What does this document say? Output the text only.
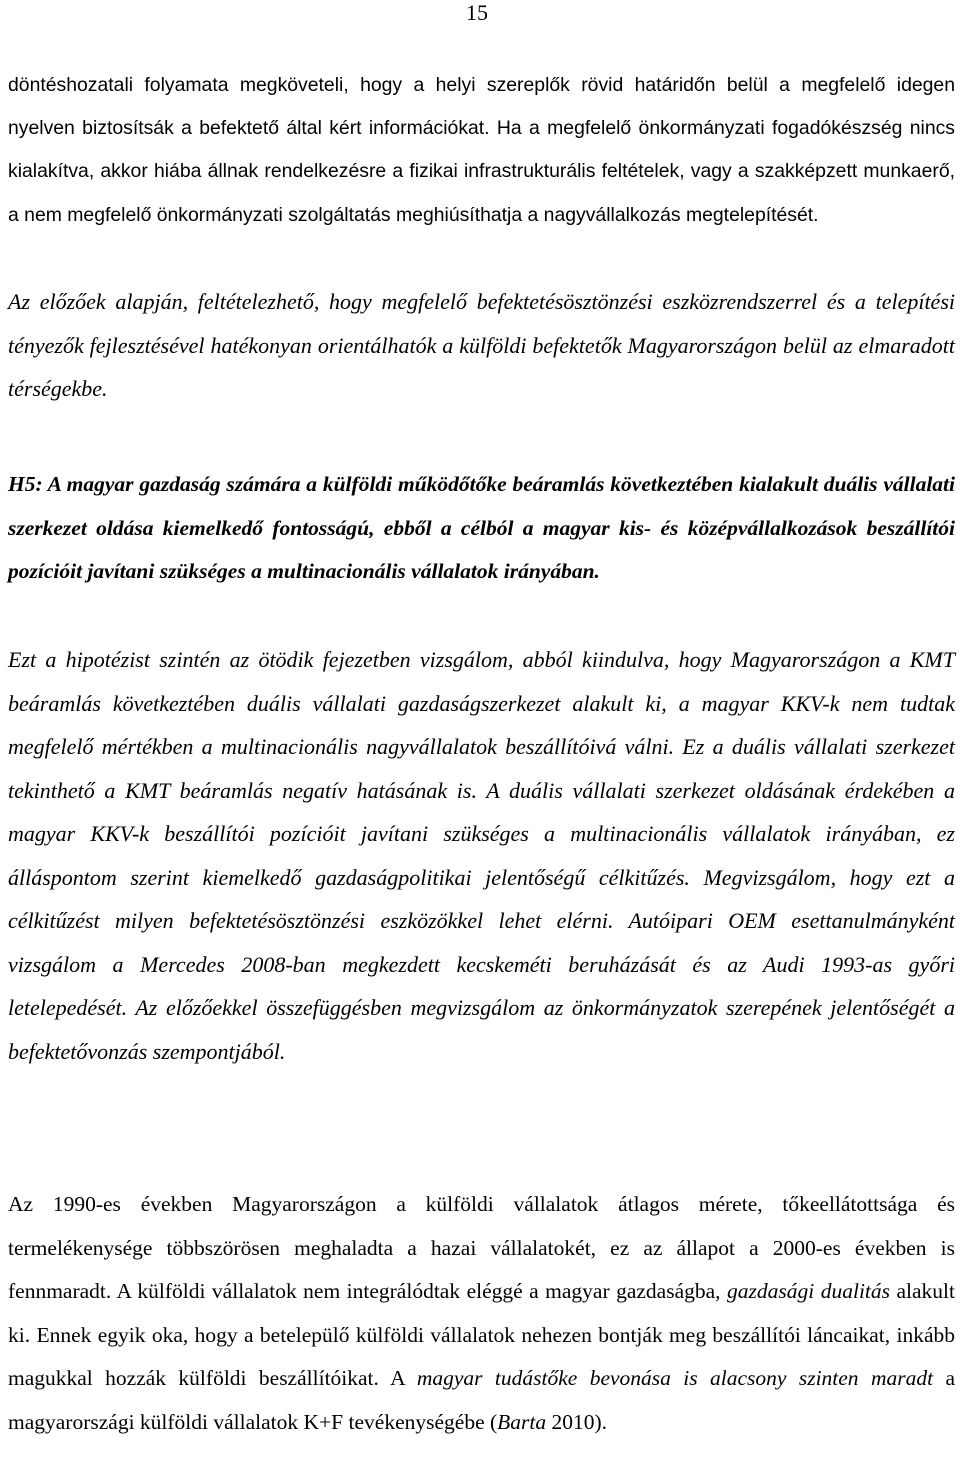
15

döntéshozatali folyamata megköveteli, hogy a helyi szereplők rövid határidőn belül a megfelelő idegen nyelven biztosítsák a befektető által kért információkat. Ha a megfelelő önkormányzati fogadókészség nincs kialakítva, akkor hiába állnak rendelkezésre a fizikai infrastrukturális feltételek, vagy a szakképzett munkaerő, a nem megfelelő önkormányzati szolgáltatás meghiúsíthatja a nagyvállalkozás megtelepítését.

Az előzőek alapján, feltételezhető, hogy megfelelő befektetésösztönzési eszközrendszerrel és a telepítési tényezők fejlesztésével hatékonyan orientálhatók a külföldi befektetők Magyarországon belül az elmaradott térségekbe.

H5: A magyar gazdaság számára a külföldi működőtőke beáramlás következtében kialakult duális vállalati szerkezet oldása kiemelkedő fontosságú, ebből a célból a magyar kis- és középvállalkozások beszállítói pozícióit javítani szükséges a multinacionális vállalatok irányában.

Ezt a hipotézist szintén az ötödik fejezetben vizsgálom, abból kiindulva, hogy Magyarországon a KMT beáramlás következtében duális vállalati gazdaságszerkezet alakult ki, a magyar KKV-k nem tudtak megfelelő mértékben a multinacionális nagyvállalatok beszállítóivá válni. Ez a duális vállalati szerkezet tekinthető a KMT beáramlás negatív hatásának is. A duális vállalati szerkezet oldásának érdekében a magyar KKV-k beszállítói pozícióit javítani szükséges a multinacionális vállalatok irányában, ez álláspontom szerint kiemelkedő gazdaságpolitikai jelentőségű célkitűzés. Megvizsgálom, hogy ezt a célkitűzést milyen befektetésösztönzési eszközökkel lehet elérni. Autóipari OEM esettanulmányként vizsgálom a Mercedes 2008-ban megkezdett kecskeméti beruházását és az Audi 1993-as győri letelepedését. Az előzőekkel összefüggésben megvizsgálom az önkormányzatok szerepének jelentőségét a befektetővonzás szempontjából.

Az 1990-es években Magyarországon a külföldi vállalatok átlagos mérete, tőkeellátottsága és termelékenysége többszörösen meghaladta a hazai vállalatokét, ez az állapot a 2000-es években is fennmaradt. A külföldi vállalatok nem integrálódtak eléggé a magyar gazdaságba, gazdasági dualitás alakult ki. Ennek egyik oka, hogy a betelepülő külföldi vállalatok nehezen bontják meg beszállítói láncaikat, inkább magukkal hozzák külföldi beszállítóikat. A magyar tudástőke bevonása is alacsony szinten maradt a magyarországi külföldi vállalatok K+F tevékenységébe (Barta 2010).
